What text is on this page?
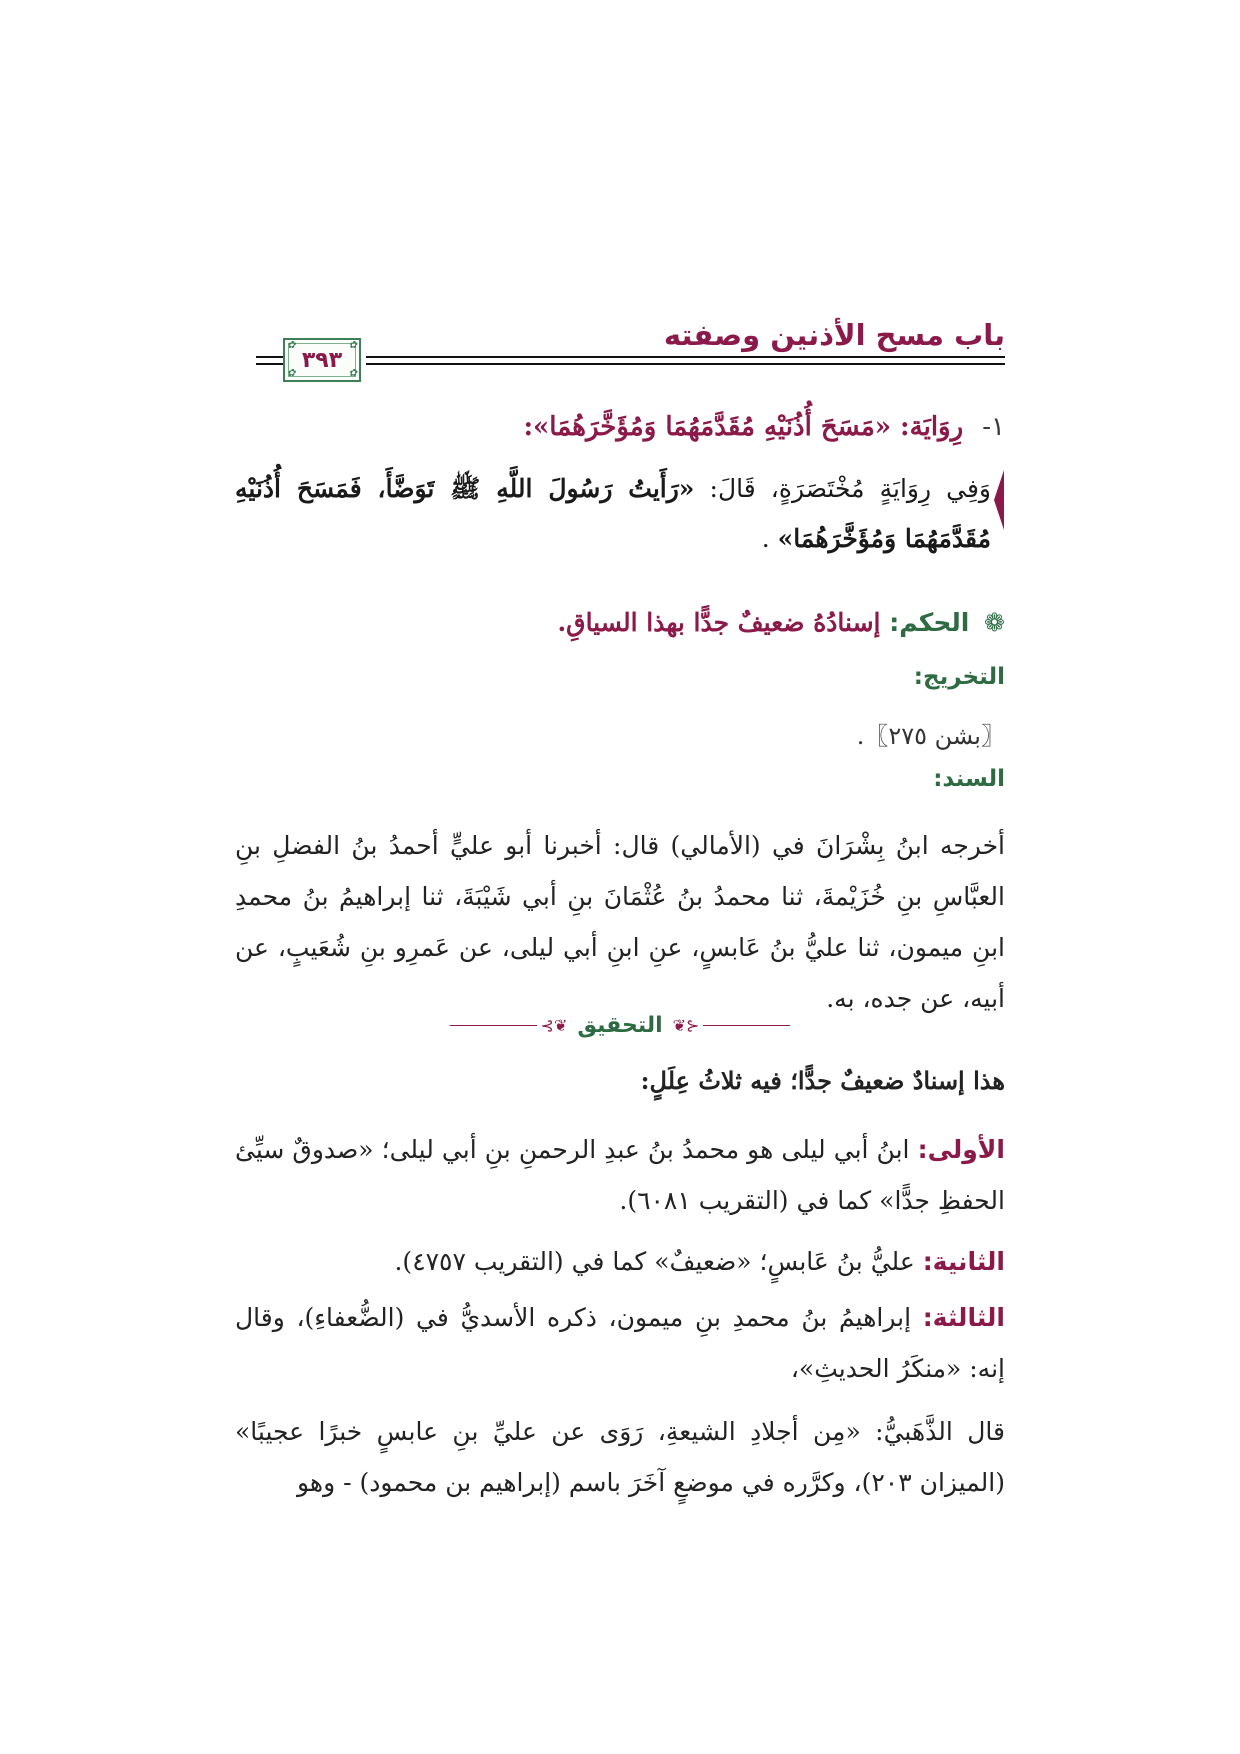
باب مسح الأذنين وصفته
✿	✿
✿	✿
٣٩٣
١- رِوَايَة: «مَسَحَ أُذُنَيْهِ مُقَدَّمَهُمَا وَمُؤَخَّرَهُمَا»:
وَفِي رِوَايَةٍ مُخْتَصَرَةٍ، قَالَ: «رَأَيتُ رَسُولَ اللَّهِ ﷺ تَوَضَّأَ، فَمَسَحَ أُذُنَيْهِ مُقَدَّمَهُمَا وَمُؤَخَّرَهُمَا» .
❁ الحكم: إسنادُهُ ضعيفٌ جدًّا بهذا السياقِ.
التخريج:
〖بشن ٢٧٥〗.
السند:
أخرجه ابنُ بِشْرَانَ في (الأمالي) قال: أخبرنا أبو عليٍّ أحمدُ بنُ الفضلِ بنِ العبَّاسِ بنِ خُزَيْمةَ، ثنا محمدُ بنُ عُثْمَانَ بنِ أبي شَيْبَةَ، ثنا إبراهيمُ بنُ محمدِ ابنِ ميمون، ثنا عليُّ بنُ عَابسٍ، عنِ ابنِ أبي ليلى، عن عَمرِو بنِ شُعَيبٍ، عن أبيه، عن جده، به.
⊰❦
التحقيق
❦⊱
هذا إسنادٌ ضعيفٌ جدًّا؛ فيه ثلاثُ عِلَلٍ:
الأولى: ابنُ أبي ليلى هو محمدُ بنُ عبدِ الرحمنِ بنِ أبي ليلى؛ «صدوقٌ سيِّئ الحفظِ جدًّا» كما في (التقريب ٦٠٨١).
الثانية: عليُّ بنُ عَابسٍ؛ «ضعيفٌ» كما في (التقريب ٤٧٥٧).
الثالثة: إبراهيمُ بنُ محمدِ بنِ ميمون، ذكره الأسديُّ في (الضُّعفاءِ)، وقال إنه: «منكَرُ الحديثِ»،
قال الذَّهَبيُّ: «مِن أجلادِ الشيعةِ، رَوَى عن عليِّ بنِ عابسٍ خبرًا عجيبًا» (الميزان ٢٠٣)، وكرَّره في موضعٍ آخَرَ باسم (إبراهيم بن محمود) - وهو
